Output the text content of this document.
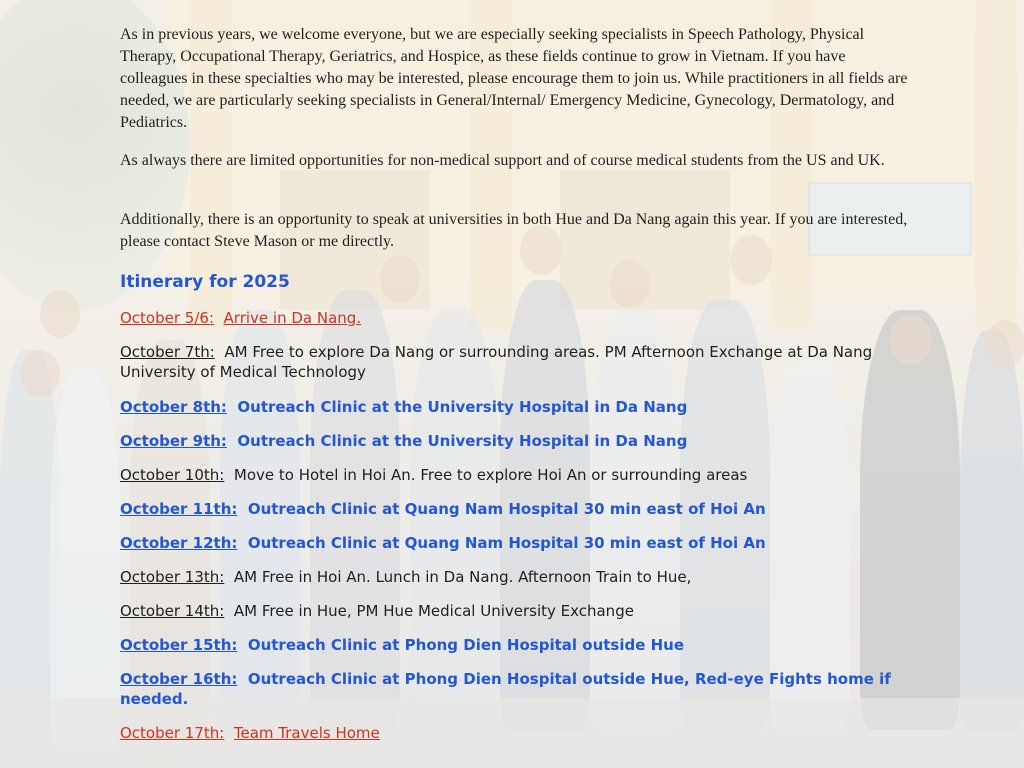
As in previous years, we welcome everyone, but we are especially seeking specialists in Speech Pathology, Physical Therapy, Occupational Therapy, Geriatrics, and Hospice, as these fields continue to grow in Vietnam. If you have colleagues in these specialties who may be interested, please encourage them to join us. While practitioners in all fields are needed, we are particularly seeking specialists in General/Internal/ Emergency Medicine, Gynecology, Dermatology, and Pediatrics.

As always there are limited opportunities for non-medical support and of course medical students from the US and UK.

Additionally, there is an opportunity to speak at universities in both Hue and Da Nang again this year. If you are interested, please contact Steve Mason or me directly.

Itinerary for 2025

October 5/6: Arrive in Da Nang.

October 7th: AM Free to explore Da Nang or surrounding areas. PM Afternoon Exchange at Da Nang University of Medical Technology

October 8th: Outreach Clinic at the University Hospital in Da Nang

October 9th: Outreach Clinic at the University Hospital in Da Nang

October 10th: Move to Hotel in Hoi An. Free to explore Hoi An or surrounding areas

October 11th: Outreach Clinic at Quang Nam Hospital 30 min east of Hoi An

October 12th: Outreach Clinic at Quang Nam Hospital 30 min east of Hoi An

October 13th: AM Free in Hoi An. Lunch in Da Nang. Afternoon Train to Hue,

October 14th: AM Free in Hue, PM Hue Medical University Exchange

October 15th: Outreach Clinic at Phong Dien Hospital outside Hue

October 16th: Outreach Clinic at Phong Dien Hospital outside Hue, Red-eye Fights home if needed.

October 17th: Team Travels Home
